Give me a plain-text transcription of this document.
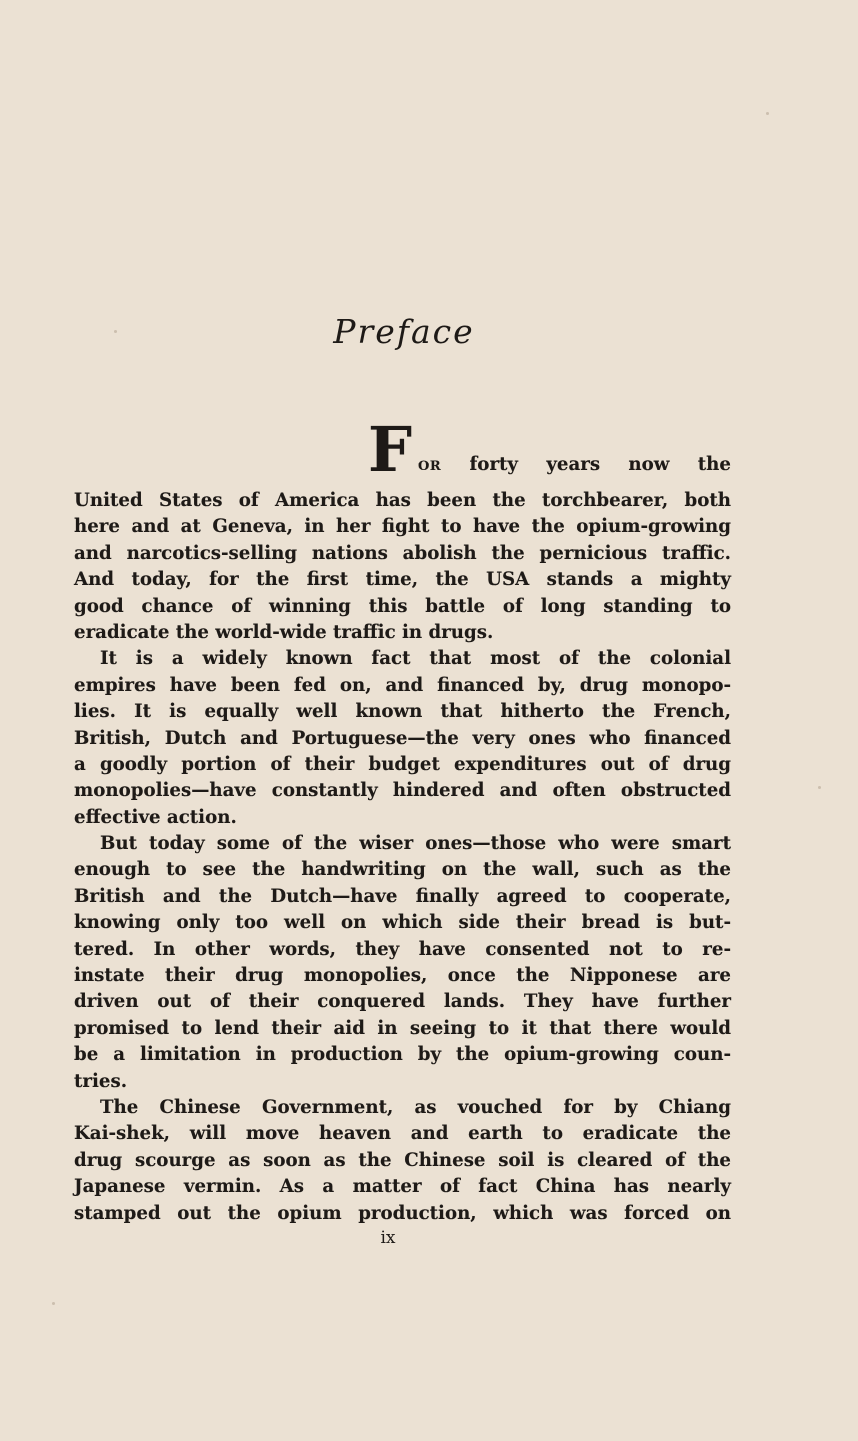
Preface
F OR forty years now the
United States of America has been the torchbearer, both
here and at Geneva, in her fight to have the opium-growing
and narcotics-selling nations abolish the pernicious traffic.
And today, for the first time, the USA stands a mighty
good chance of winning this battle of long standing to
eradicate the world-wide traffic in drugs.
It is a widely known fact that most of the colonial
empires have been fed on, and financed by, drug monopo-
lies. It is equally well known that hitherto the French,
British, Dutch and Portuguese—the very ones who financed
a goodly portion of their budget expenditures out of drug
monopolies—have constantly hindered and often obstructed
effective action.
But today some of the wiser ones—those who were smart
enough to see the handwriting on the wall, such as the
British and the Dutch—have finally agreed to cooperate,
knowing only too well on which side their bread is but-
tered. In other words, they have consented not to re-
instate their drug monopolies, once the Nipponese are
driven out of their conquered lands. They have further
promised to lend their aid in seeing to it that there would
be a limitation in production by the opium-growing coun-
tries.
The Chinese Government, as vouched for by Chiang
Kai-shek, will move heaven and earth to eradicate the
drug scourge as soon as the Chinese soil is cleared of the
Japanese vermin. As a matter of fact China has nearly
stamped out the opium production, which was forced on
ix
